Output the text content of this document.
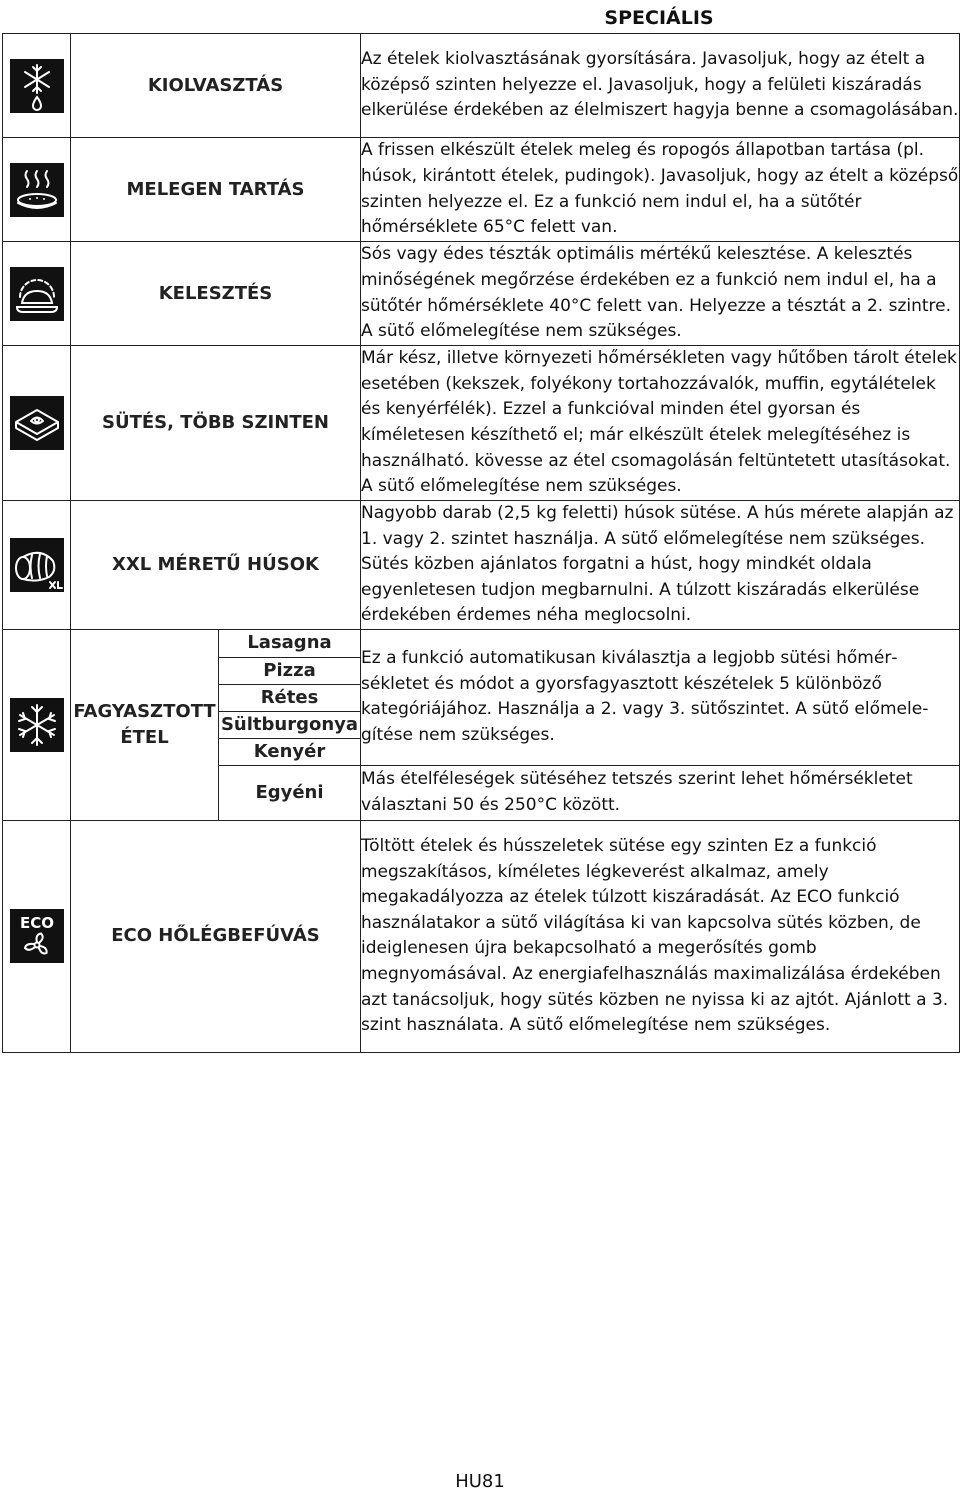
SPECIÁLIS
	KIOLVASZTÁS		Az ételek kiolvasztásának gyorsítására. Javasoljuk, hogy az ételt a középső szinten helyezze el. Javasoljuk, hogy a felületi kiszáradás elkerülése érdekében az élelmiszert hagyja benne a csomagolásában.

	MELEGEN TARTÁS		A frissen elkészült ételek meleg és ropogós állapotban tartása (pl. húsok, kirántott ételek, pudingok). Javasoljuk, hogy az ételt a középső szinten helyezze el. Ez a funkció nem indul el, ha a sütőtér hőmérséklete 65°C felett van.

	KELESZTÉS		Sós vagy édes tészták optimális mértékű kelesztése. A kelesztés minőségének megőrzése érdekében ez a funkció nem indul el, ha a sütőtér hőmérséklete 40°C felett van. Helyezze a tésztát a 2. szintre. A sütő előmelegítése nem szükséges.

	SÜTÉS, TÖBB SZINTEN		Már kész, illetve környezeti hőmérsékleten vagy hűtőben tárolt ételek esetében (kekszek, folyékony tortahozzávalók, muffin, egytálételek és kenyérfélék). Ezzel a funkcióval minden étel gyorsan és kíméletesen készíthető el; már elkészült ételek melegítéséhez is használható. kövesse az étel csomagolásán feltüntetett utasításokat. A sütő előmelegítése nem szükséges.

	XXL MÉRETŰ HÚSOK		Nagyobb darab (2,5 kg feletti) húsok sütése. A hús mérete alapján az 1. vagy 2. szintet használja. A sütő előmelegítése nem szükséges. Sütés közben ajánlatos forgatni a húst, hogy mindkét oldala egyenletesen tudjon megbarnulni. A túlzott kiszáradás elkerülése érdekében érdemes néha meglocsolni.

FAGYASZTOTT
ÉTEL	Lasagna	Ez a funkció automatikusan kiválasztja a legjobb sütési hőmérsékletet és módot a gyorsfagyasztott készételek 5 különböző kategóriájához. Használja a 2. vagy 3. sütőszintet. A sütő előmelegítése nem szükséges.
		Pizza	
		Rétes	
		Sültburgonya	
		Kenyér	
		Egyéni	Más ételféleségek sütéséhez tetszés szerint lehet hőmérsékletet választani 50 és 250°C között.

ECO	ECO HŐLÉGBEFÚVÁS		Töltött ételek és hússzeletek sütése egy szinten Ez a funkció megszakításos, kíméletes légkeverést alkalmaz, amely megakadályozza az ételek túlzott kiszáradását. Az ECO funkció használatakor a sütő világítása ki van kapcsolva sütés közben, de ideiglenesen újra bekapcsolható a megerősítés gomb megnyomásával. Az energiafelhasználás maximalizálása érdekében azt tanácsoljuk, hogy sütés közben ne nyissa ki az ajtót. Ajánlott a 3. szint használata. A sütő előmelegítése nem szükséges.
HU81
